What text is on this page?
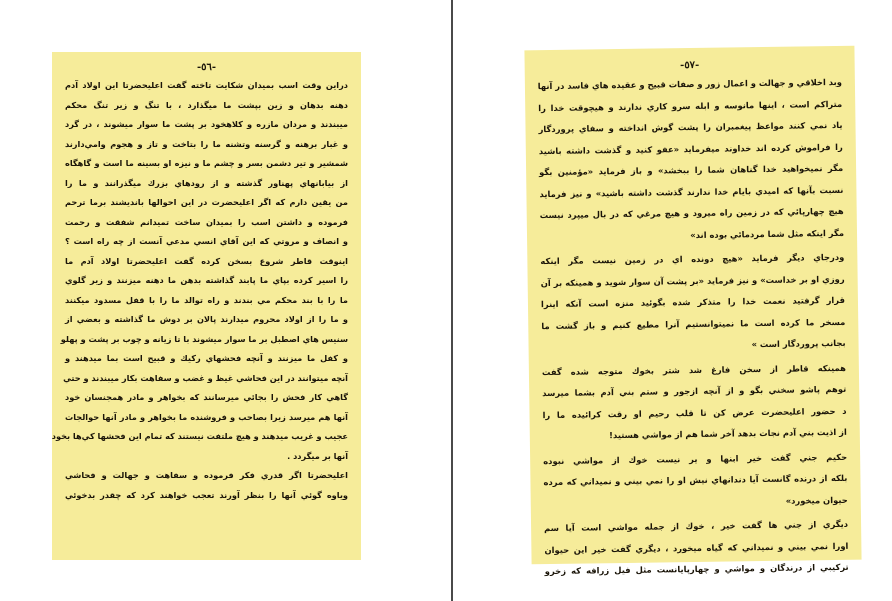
-٥٦-
دراين وقت اسب بميدان شكايت تاخته گفت اعليحضرتا اين اولاد آدم
دهنه بدهان و زين بپشت ما ميگذارد ، با تنگ و زير تنگ محكم
ميبندند و مردان مازره و كلاهخود بر پشت ما سوار ميشوند ، در گرد
و غبار برهنه و گرسنه وتشنه ما را بتاخت و تاز و هجوم وامي‌دارند
شمشير و تير دشمن بسر و چشم ما و نيزه او بسينه ما است و گاهگاه
از بيابانهاي پهناور گذشته و از رودهاي بزرك ميگذرانند و ما را
من يقين دارم كه اگر اعليحضرت در اين احوالها بانديشند برما ترحم
فرموده و داشتن اسب را بميدان ساخت تميدانم شفقت و رحمت
و انصاف و مروتي كه اين آقاي انسي مدعي آنست از چه راه است ؟
اينوقت قاطر شروع بسخن كرده گفت اعليحضرتا اولاد آدم ما
را اسير كرده بپاي ما پابند گذاشته بدهن ما دهنه ميزنند و زير گلوي
ما را با بند محكم مي بندند و راه توالد ما را با قفل مسدود ميكنند
و ما را از اولاد محروم ميدارند پالان بر دوش ما گذاشته و بعضي از
سنيس هاي اصطبل بر ما سوار ميشوند با تا زيانه و چوب بر پشت و پهلو
و كفل ما ميزنند و آنچه فحشهاي ركيك و قبيح است بما ميدهند و
آنچه ميتوانند در اين فحاشي غيظ و غضب و سفاهت بكار ميبندند و حتي
گاهي كار فحش را بجائي ميرسانند كه بخواهر و مادر همجنسان خود
آنها هم ميرسد زيرا بصاحب و فروشنده ما بخواهر و مادر آنها حوالجات
عجيب و غريب ميدهند و هيچ ملتفت نيستند كه تمام اين فحشها كي‌ها بخود
آنها بر ميگردد .
اعليحضرتا اگر قدري فكر فرموده و سفاهت و جهالت و فحاشي
وياوه گوئي آنها را بنظر آورند تعجب خواهند كرد كه چقدر بدخوئي
-٥٧-
وبد اخلاقي و جهالت و اعمال زور و صفات قبيح و عقيده هاي فاسد در آنها
متراكم است ، اينها مانوسه و ابله سرو كاري ندارند و هيچوقت خدا را
ياد نمي كنند مواعظ پيغمبران را پشت گوش انداخته و سفاي پروردگار
را فراموش كرده اند خداوند ميفرمايد «عفو كنيد و گذشت داشته باشيد
مگر نميخواهيد خدا گناهان شما را ببخشد» و باز فرمايد «مؤمنين بگو
نسبت بآنها كه اميدي بايام خدا ندارند گذشت داشته باشيد» و نيز فرمايد
هيچ چهارپائي كه در زمين راه ميرود و هيچ مرغي كه در بال ميپرد نيست
مگر اينكه مثل شما مردمائي بوده اند»
ودرجاي ديگر فرمايد «هيچ دونده اي در زمين نيست مگر اينكه
روزي او بر خداست» و نيز فرمايد «بر پشت آن سوار شويد و همينكه بر آن
قرار گرفتيد نعمت خدا را متذكر شده بگوئيد منزه است آنكه اينرا
مسخر ما كرده است ما نميتوانستيم آنرا مطيع كنيم و باز گشت ما
بجانب پروردگار است »
همينكه قاطر از سخن فارغ شد شتر بخوك متوجه شده گفت
توهم پاشو سخني بگو و از آنچه ازجور و ستم بني آدم بشما ميرسد
د حضور اعليحضرت عرض كن تا قلب رحيم او رقت كرائيده ما را
از اذيت بني آدم نجات بدهد آخر شما هم از مواشي هستيد!
حكيم جني گفت خير ابنها و ير نيست خوك از مواشي نبوده
بلكه از درنده گانست آيا دندانهاي نيش او را نمي بيني و نميداني كه مرده
حيوان ميخورد»
ديگري از جني ها گفت خير ، خوك از جمله مواشي است آيا سم
اورا نمي بيني و نميداني كه گياه ميخورد ، ديگري گفت خير اين حيوان
تركيبي از درندگان و مواشي و چهارپايانست مثل فيل زرافه كه زخرو
